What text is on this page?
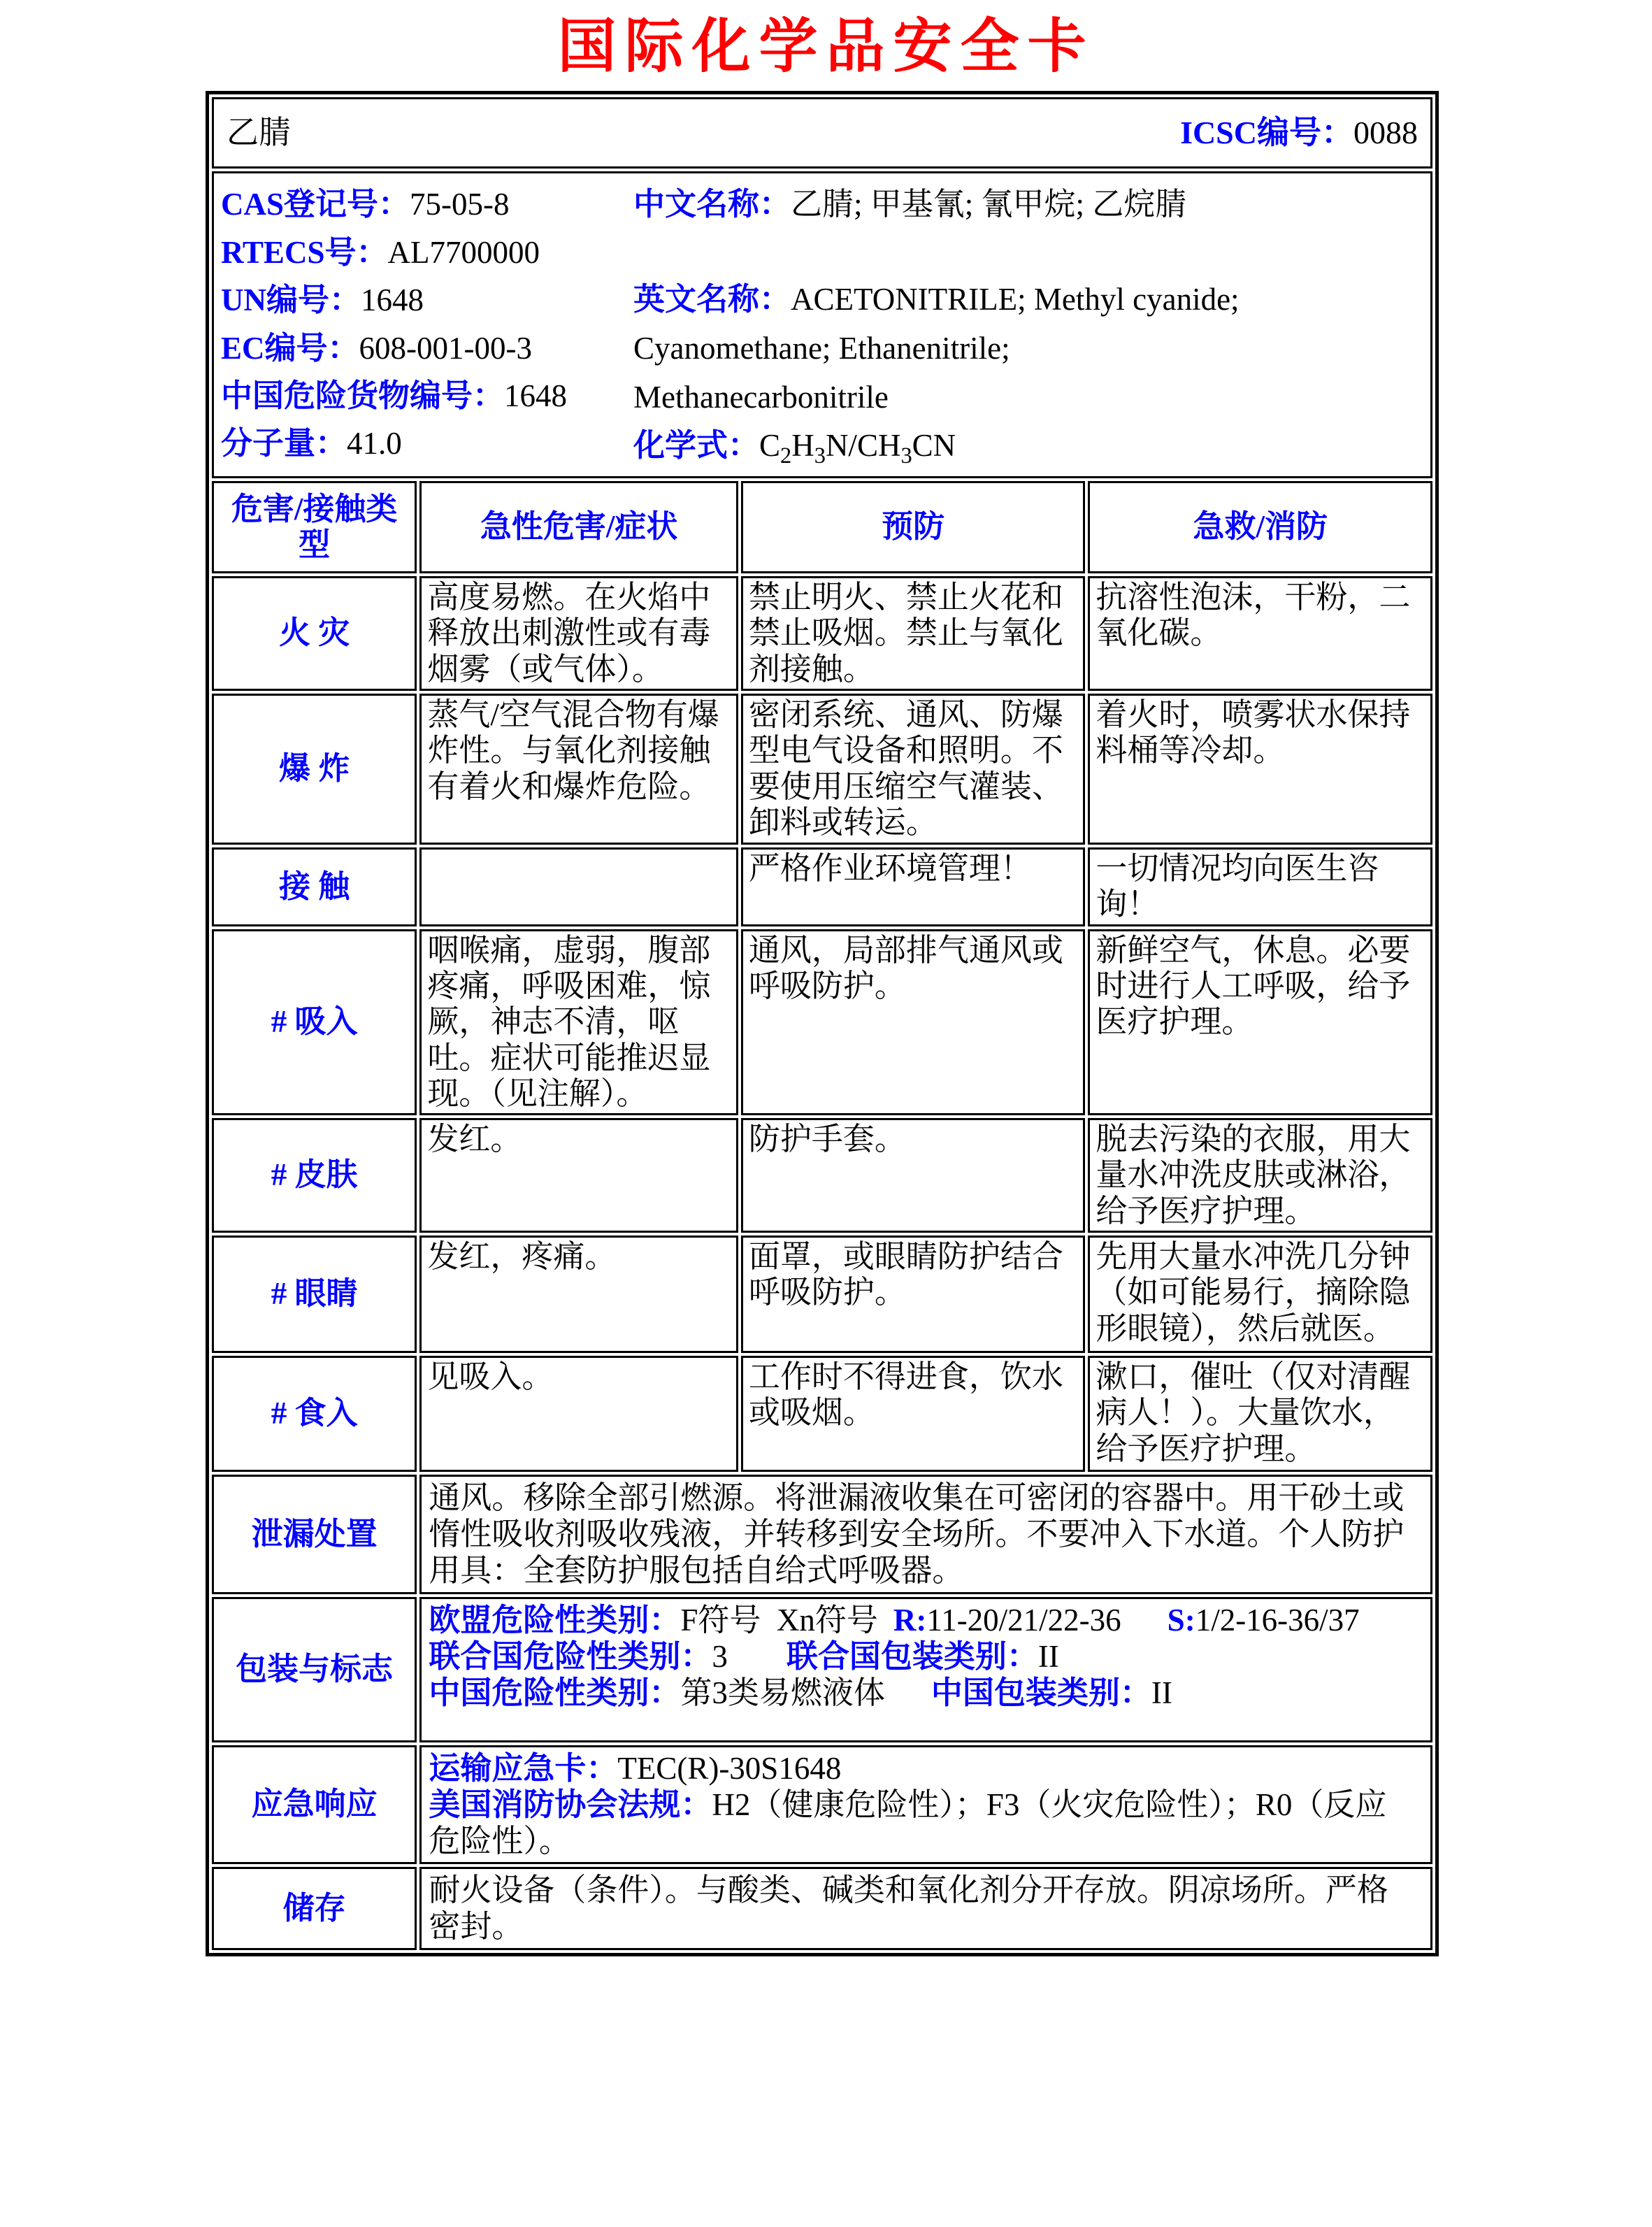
国际化学品安全卡
乙腈 ICSC编号：0088			

CAS登记号：75-05-8
RTECS号：AL7700000
UN编号：1648
EC编号：608-001-00-3
中国危险货物编号：1648
分子量：41.0
中文名称：乙腈; 甲基氰; 氰甲烷; 乙烷腈
英文名称：ACETONITRILE; Methyl cyanide;
Cyanomethane; Ethanenitrile;
Methanecarbonitrile
化学式：$C_2H_3N/CH_3CN$

危害/接触类型	急性危害/症状	预防	急救/消防
火 灾	高度易燃。在火焰中释放出刺激性或有毒烟雾（或气体）。	禁止明火、禁止火花和禁止吸烟。禁止与氧化剂接触。	抗溶性泡沫，干粉，二氧化碳。
爆 炸	蒸气/空气混合物有爆炸性。与氧化剂接触有着火和爆炸危险。	密闭系统、通风、防爆型电气设备和照明。不要使用压缩空气灌装、卸料或转运。	着火时，喷雾状水保持料桶等冷却。
接 触		严格作业环境管理！	一切情况均向医生咨询！
# 吸入	咽喉痛，虚弱，腹部疼痛，呼吸困难，惊厥，神志不清，呕吐。症状可能推迟显现。（见注解）。	通风，局部排气通风或呼吸防护。	新鲜空气，休息。必要时进行人工呼吸，给予医疗护理。
# 皮肤	发红。	防护手套。	脱去污染的衣服，用大量水冲洗皮肤或淋浴，给予医疗护理。
# 眼睛	发红，疼痛。	面罩，或眼睛防护结合呼吸防护。	先用大量水冲洗几分钟（如可能易行，摘除隐形眼镜），然后就医。
# 食入	见吸入。	工作时不得进食，饮水或吸烟。	漱口，催吐（仅对清醒病人！）。大量饮水，给予医疗护理。
泄漏处置	通风。移除全部引燃源。将泄漏液收集在可密闭的容器中。用干砂土或惰性吸收剂吸收残液，并转移到安全场所。不要冲入下水道。个人防护用具：全套防护服包括自给式呼吸器。		

包装与标志	欧盟危险性类别：F符号  Xn符号 R:11-20/21/22-36 S:1/2-16-36/37
联合国危险性类别：3 联合国包装类别：II
中国危险性类别：第3类易燃液体 中国包装类别：II		

应急响应	运输应急卡：TEC(R)-30S1648
美国消防协会法规：H2（健康危险性）；F3（火灾危险性）；R0（反应危险性）。		

储存	耐火设备（条件）。与酸类、碱类和氧化剂分开存放。阴凉场所。严格密封。		
